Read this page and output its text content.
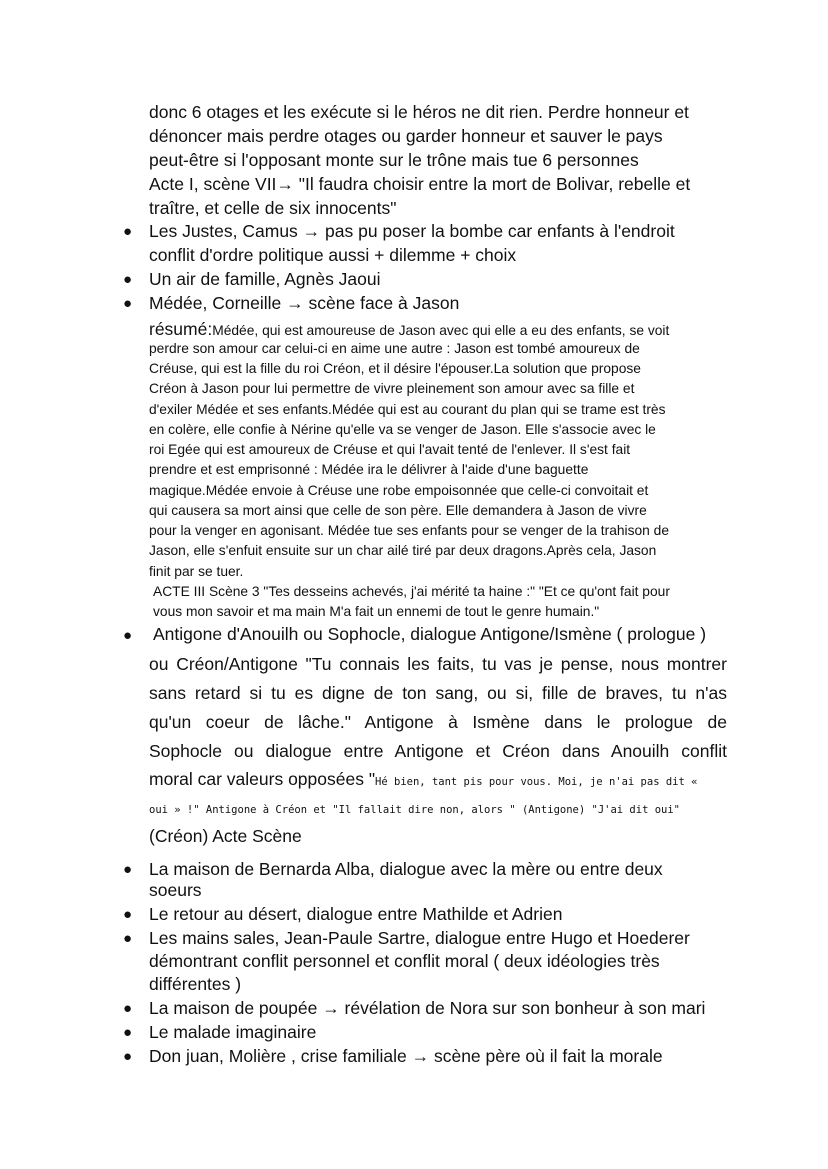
donc 6 otages et les exécute si le héros ne dit rien. Perdre honneur et

dénoncer mais perdre otages ou garder honneur et sauver le pays

peut-être si l'opposant monte sur le trône mais tue 6 personnes

Acte I, scène VII→ "Il faudra choisir entre la mort de Bolivar, rebelle et

traître, et celle de six innocents"

● Les Justes, Camus → pas pu poser la bombe car enfants à l'endroit

conflit d'ordre politique aussi + dilemme + choix

● Un air de famille, Agnès Jaoui

● Médée, Corneille → scène face à Jason

résumé:Médée, qui est amoureuse de Jason avec qui elle a eu des enfants, se voit

perdre son amour car celui-ci en aime une autre : Jason est tombé amoureux de

Créuse, qui est la fille du roi Créon, et il désire l'épouser.La solution que propose

Créon à Jason pour lui permettre de vivre pleinement son amour avec sa fille et

d'exiler Médée et ses enfants.Médée qui est au courant du plan qui se trame est très

en colère, elle confie à Nérine qu'elle va se venger de Jason. Elle s'associe avec le

roi Egée qui est amoureux de Créuse et qui l'avait tenté de l'enlever. Il s'est fait

prendre et est emprisonné : Médée ira le délivrer à l'aide d'une baguette

magique.Médée envoie à Créuse une robe empoisonnée que celle-ci convoitait et

qui causera sa mort ainsi que celle de son père. Elle demandera à Jason de vivre

pour la venger en agonisant. Médée tue ses enfants pour se venger de la trahison de

Jason, elle s'enfuit ensuite sur un char ailé tiré par deux dragons.Après cela, Jason

finit par se tuer.

ACTE III Scène 3 "Tes desseins achevés, j'ai mérité ta haine :" "Et ce qu'ont fait pour

vous mon savoir et ma main M'a fait un ennemi de tout le genre humain."

● Antigone d'Anouilh ou Sophocle, dialogue Antigone/Ismène ( prologue )

ou Créon/Antigone "Tu connais les faits, tu vas je pense, nous montrer

sans retard si tu es digne de ton sang, ou si, fille de braves, tu n'as

qu'un coeur de lâche." Antigone à Ismène dans le prologue de

Sophocle ou dialogue entre Antigone et Créon dans Anouilh conflit

moral car valeurs opposées "Hé bien, tant pis pour vous. Moi, je n'ai pas dit «

oui » !" Antigone à Créon et "Il fallait dire non, alors " (Antigone) "J'ai dit oui"

(Créon) Acte Scène

● La maison de Bernarda Alba, dialogue avec la mère ou entre deux

soeurs

● Le retour au désert, dialogue entre Mathilde et Adrien

● Les mains sales, Jean-Paule Sartre, dialogue entre Hugo et Hoederer

démontrant conflit personnel et conflit moral ( deux idéologies très

différentes )

● La maison de poupée → révélation de Nora sur son bonheur à son mari

● Le malade imaginaire

● Don juan, Molière , crise familiale → scène père où il fait la morale
